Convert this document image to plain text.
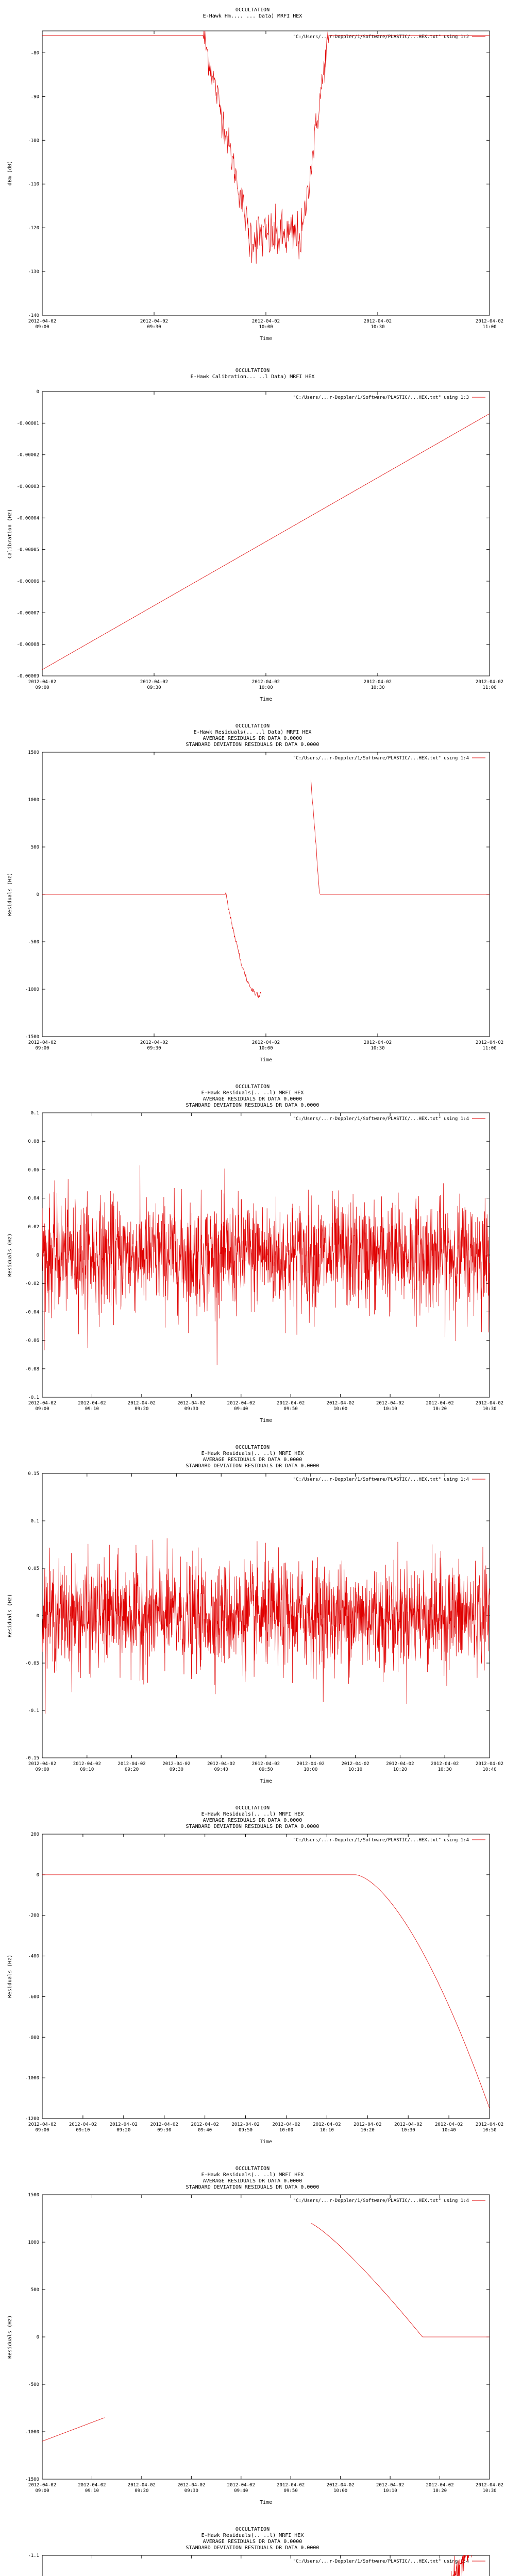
OCCULTATION
E-Hawk Hm.... ... Data) MRFI HEX
-80
-90
-100
-110
-120
-130
-140
2012-04-02 09:00
2012-04-02 09:30
2012-04-02 10:00
2012-04-02 10:30
2012-04-02 11:00
Time
dBm (dB)
"C:/Users/...r-Doppler/1/Software/PLASTIC/...HEX.txt" using 1:2
OCCULTATION
E-Hawk Calibration... ..l Data) MRFI HEX
0
-0.00001
-0.00002
-0.00003
-0.00004
-0.00005
-0.00006
-0.00007
-0.00008
-0.00009
2012-04-02 09:00
2012-04-02 09:30
2012-04-02 10:00
2012-04-02 10:30
2012-04-02 11:00
Time
Calibration (Hz)
"C:/Users/...r-Doppler/1/Software/PLASTIC/...HEX.txt" using 1:3
OCCULTATION
E-Hawk Residuals(.. ..l Data) MRFI HEX
AVERAGE RESIDUALS DR DATA 0.0000
STANDARD DEVIATION RESIDUALS DR DATA 0.0000
1500
1000
500
0
-500
-1000
-1500
2012-04-02 09:00
2012-04-02 09:30
2012-04-02 10:00
2012-04-02 10:30
2012-04-02 11:00
Time
Residuals (Hz)
"C:/Users/...r-Doppler/1/Software/PLASTIC/...HEX.txt" using 1:4
OCCULTATION
E-Hawk Residuals(.. ..l) MRFI HEX
AVERAGE RESIDUALS DR DATA 0.0000
STANDARD DEVIATION RESIDUALS DR DATA 0.0000
0.1
0.08
0.06
0.04
0.02
0
-0.02
-0.04
-0.06
-0.08
-0.1
2012-04-02 09:00
2012-04-02 09:10
2012-04-02 09:20
2012-04-02 09:30
2012-04-02 09:40
2012-04-02 09:50
2012-04-02 10:00
2012-04-02 10:10
2012-04-02 10:20
2012-04-02 10:30
Time
Residuals (Hz)
"C:/Users/...r-Doppler/1/Software/PLASTIC/...HEX.txt" using 1:4
OCCULTATION
E-Hawk Residuals(.. ..l) MRFI HEX
AVERAGE RESIDUALS DR DATA 0.0000
STANDARD DEVIATION RESIDUALS DR DATA 0.0000
0.15
0.1
0.05
0
-0.05
-0.1
-0.15
2012-04-02 09:00
2012-04-02 09:10
2012-04-02 09:20
2012-04-02 09:30
2012-04-02 09:40
2012-04-02 09:50
2012-04-02 10:00
2012-04-02 10:10
2012-04-02 10:20
2012-04-02 10:30
2012-04-02 10:40
Time
Residuals (Hz)
"C:/Users/...r-Doppler/1/Software/PLASTIC/...HEX.txt" using 1:4
OCCULTATION
E-Hawk Residuals(.. ..l) MRFI HEX
AVERAGE RESIDUALS DR DATA 0.0000
STANDARD DEVIATION RESIDUALS DR DATA 0.0000
200
0
-200
-400
-600
-800
-1000
-1200
2012-04-02 09:00
2012-04-02 09:10
2012-04-02 09:20
2012-04-02 09:30
2012-04-02 09:40
2012-04-02 09:50
2012-04-02 10:00
2012-04-02 10:10
2012-04-02 10:20
2012-04-02 10:30
2012-04-02 10:40
2012-04-02 10:50
Time
Residuals (Hz)
"C:/Users/...r-Doppler/1/Software/PLASTIC/...HEX.txt" using 1:4
OCCULTATION
E-Hawk Residuals(.. ..l) MRFI HEX
AVERAGE RESIDUALS DR DATA 0.0000
STANDARD DEVIATION RESIDUALS DR DATA 0.0000
1500
1000
500
0
-500
-1000
-1500
2012-04-02 09:00
2012-04-02 09:10
2012-04-02 09:20
2012-04-02 09:30
2012-04-02 09:40
2012-04-02 09:50
2012-04-02 10:00
2012-04-02 10:10
2012-04-02 10:20
2012-04-02 10:30
Time
Residuals (Hz)
"C:/Users/...r-Doppler/1/Software/PLASTIC/...HEX.txt" using 1:4
OCCULTATION
E-Hawk Residuals(.. ..l) MRFI HEX
AVERAGE RESIDUALS DR DATA 0.0000
STANDARD DEVIATION RESIDUALS DR DATA 0.0000
-1.1
"C:/Users/...r-Doppler/1/Software/PLASTIC/...HEX.txt" using 1:4
